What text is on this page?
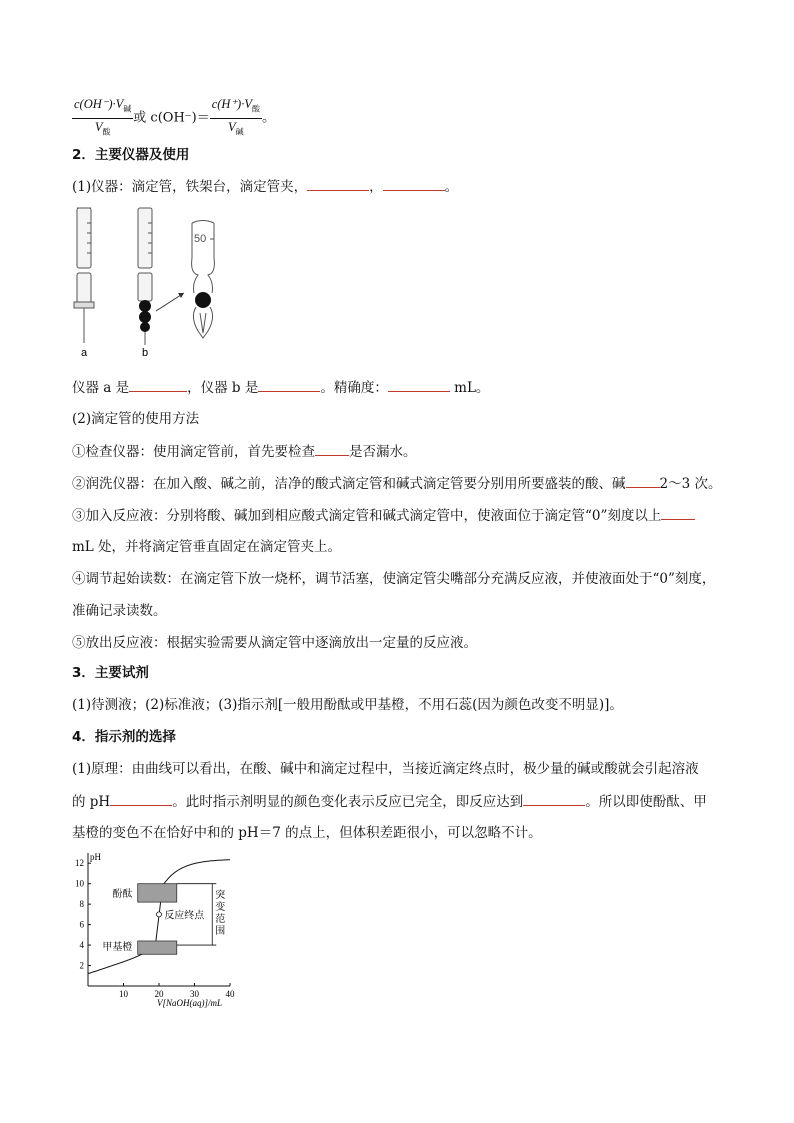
$\frac{c(OH^-)\cdot V_碱}{V_酸}$ 或 $c(OH^-)= \frac{c(H^+)\cdot V_酸}{V_碱}$ 。
2．主要仪器及使用
(1)仪器：滴定管，铁架台，滴定管夹，	，	。
a	b
50
仪器 a 是	，仪器 b 是	。精确度：	mL。
(2)滴定管的使用方法
①检查仪器：使用滴定管前，首先要检查	是否漏水。
②润洗仪器：在加入酸、碱之前，洁净的酸式滴定管和碱式滴定管要分别用所要盛装的酸、碱	2～3 次。
③加入反应液：分别将酸、碱加到相应酸式滴定管和碱式滴定管中，使液面位于滴定管“0”刻度以上
mL 处，并将滴定管垂直固定在滴定管夹上。
④调节起始读数：在滴定管下放一烧杯，调节活塞，使滴定管尖嘴部分充满反应液，并使液面处于“0”刻度，
准确记录读数。
⑤放出反应液：根据实验需要从滴定管中逐滴放出一定量的反应液。
3．主要试剂
(1)待测液；(2)标准液；(3)指示剂[一般用酚酞或甲基橙，不用石蕊(因为颜色改变不明显)]。
4．指示剂的选择
(1)原理：由曲线可以看出，在酸、碱中和滴定过程中，当接近滴定终点时，极少量的碱或酸就会引起溶液
的 pH	。此时指示剂明显的颜色变化表示反应已完全，即反应达到	。所以即使酚酞、甲
基橙的变色不在恰好中和的 pH＝7 的点上，但体积差距很小，可以忽略不计。
10	20	30	40
2
4
6
8
10
12
酚酞
甲基橙
反应终点
突
变
范
围
pH
V[NaOH(aq)]/mL
